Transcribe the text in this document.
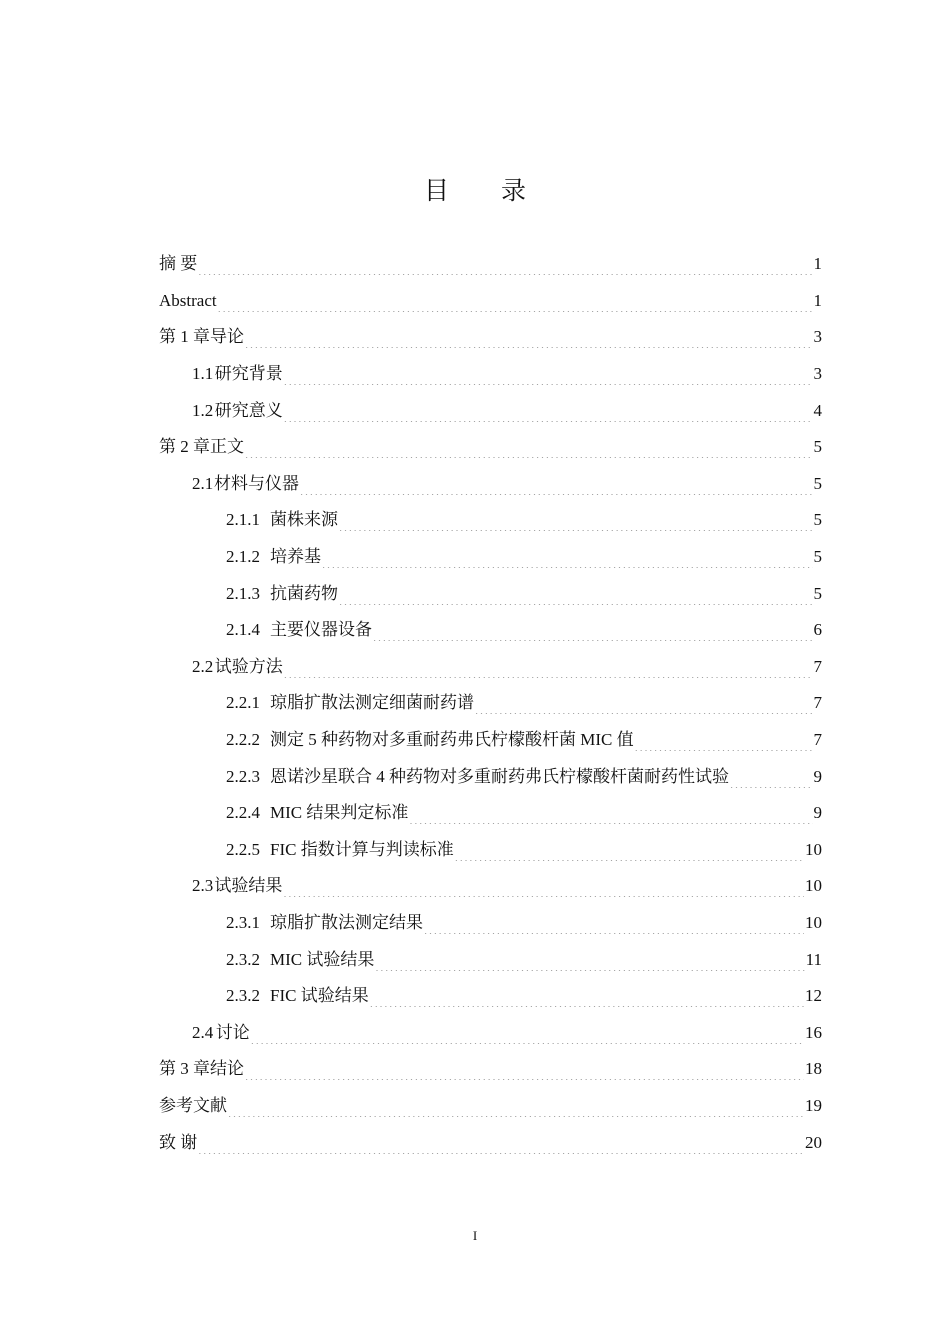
目 录
摘 要 .....	1
Abstract .....	1
第 1 章 导论 .....	3
1.1 研究背景 .....	3
1.2 研究意义 .....	4
第 2 章 正文 .....	5
2.1 材料与仪器 .....	5
2.1.1 菌株来源 .....	5
2.1.2 培养基 .....	5
2.1.3 抗菌药物 .....	5
2.1.4 主要仪器设备 .....	6
2.2 试验方法 .....	7
2.2.1 琼脂扩散法测定细菌耐药谱 .....	7
2.2.2 测定 5 种药物对多重耐药弗氏柠檬酸杆菌 MIC 值 .....	7
2.2.3 恩诺沙星联合 4 种药物对多重耐药弗氏柠檬酸杆菌耐药性试验 .....	9
2.2.4 MIC 结果判定标准 .....	9
2.2.5 FIC 指数计算与判读标准 .....	10
2.3 试验结果 .....	10
2.3.1 琼脂扩散法测定结果 .....	10
2.3.2 MIC 试验结果 .....	11
2.3.2 FIC 试验结果 .....	12
2.4 讨论 .....	16
第 3 章 结论 .....	18
参考文献 .....	19
致 谢 .....	20
I
